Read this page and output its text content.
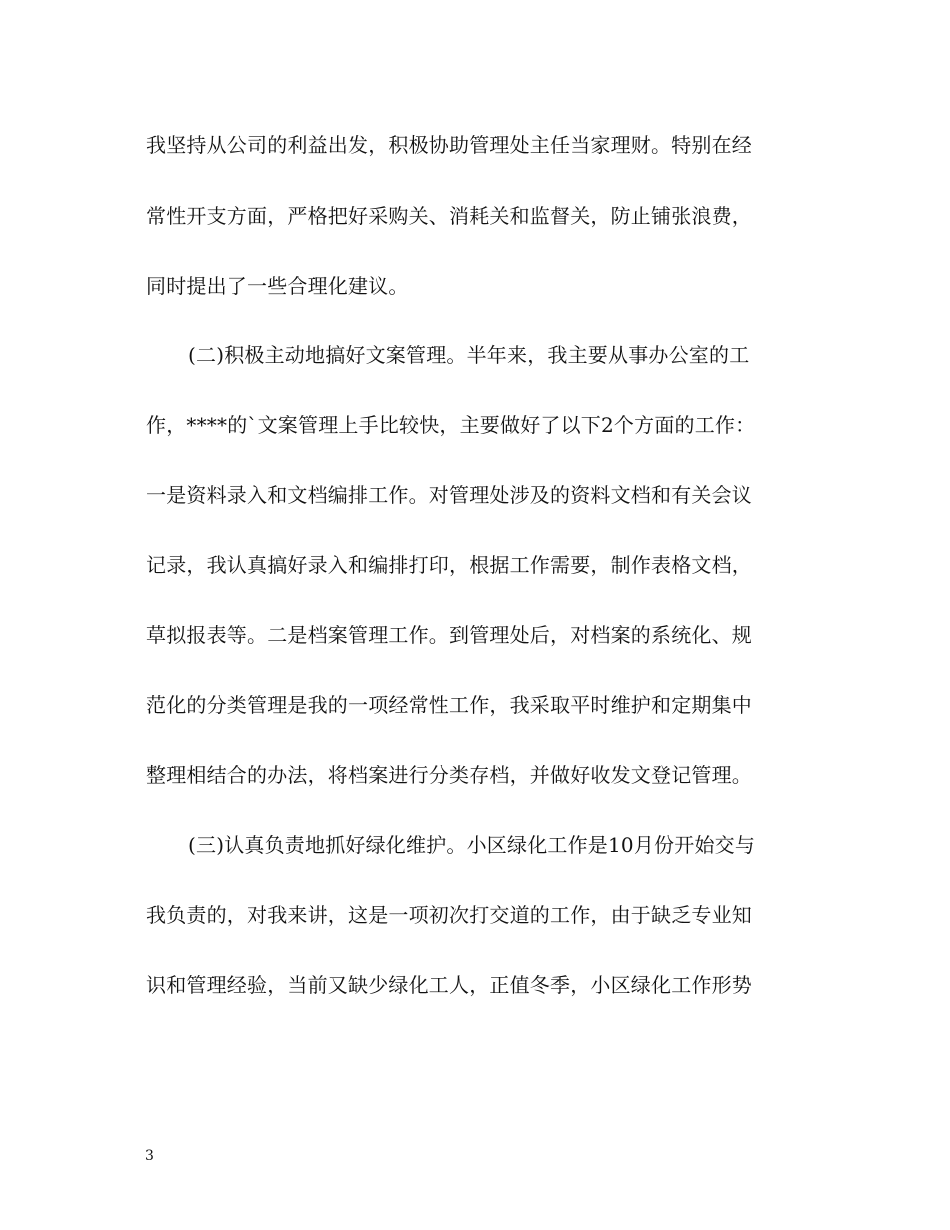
我坚持从公司的利益出发，积极协助管理处主任当家理财。特别在经
常性开支方面，严格把好采购关、消耗关和监督关，防止铺张浪费，
同时提出了一些合理化建议。
(二)积极主动地搞好文案管理。半年来，我主要从事办公室的工
作，****的`文案管理上手比较快，主要做好了以下2个方面的工作：
一是资料录入和文档编排工作。对管理处涉及的资料文档和有关会议
记录，我认真搞好录入和编排打印，根据工作需要，制作表格文档，
草拟报表等。二是档案管理工作。到管理处后，对档案的系统化、规
范化的分类管理是我的一项经常性工作，我采取平时维护和定期集中
整理相结合的办法，将档案进行分类存档，并做好收发文登记管理。
(三)认真负责地抓好绿化维护。小区绿化工作是10月份开始交与
我负责的，对我来讲，这是一项初次打交道的工作，由于缺乏专业知
识和管理经验，当前又缺少绿化工人，正值冬季，小区绿化工作形势
3
